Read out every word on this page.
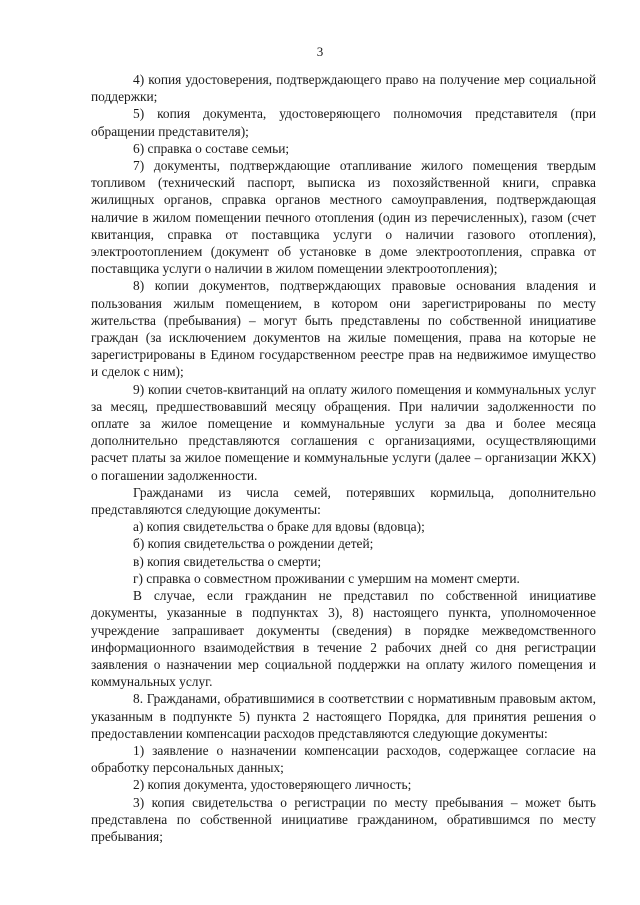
3

4) копия удостоверения, подтверждающего право на получение мер социальной поддержки;

5) копия документа, удостоверяющего полномочия представителя (при обращении представителя);

6) справка о составе семьи;

7) документы, подтверждающие отапливание жилого помещения твердым топливом (технический паспорт, выписка из похозяйственной книги, справка жилищных органов, справка органов местного самоуправления, подтверждающая наличие в жилом помещении печного отопления (один из перечисленных), газом (счет квитанция, справка от поставщика услуги о наличии газового отопления), электроотоплением (документ об установке в доме электроотопления, справка от поставщика услуги о наличии в жилом помещении электроотопления);

8) копии документов, подтверждающих правовые основания владения и пользования жилым помещением, в котором они зарегистрированы по месту жительства (пребывания) – могут быть представлены по собственной инициативе граждан (за исключением документов на жилые помещения, права на которые не зарегистрированы в Едином государственном реестре прав на недвижимое имущество и сделок с ним);

9) копии счетов-квитанций на оплату жилого помещения и коммунальных услуг за месяц, предшествовавший месяцу обращения. При наличии задолженности по оплате за жилое помещение и коммунальные услуги за два и более месяца дополнительно представляются соглашения с организациями, осуществляющими расчет платы за жилое помещение и коммунальные услуги (далее – организации ЖКХ) о погашении задолженности.

Гражданами из числа семей, потерявших кормильца, дополнительно представляются следующие документы:

а) копия свидетельства о браке для вдовы (вдовца);

б) копия свидетельства о рождении детей;

в) копия свидетельства о смерти;

г) справка о совместном проживании с умершим на момент смерти.

В случае, если гражданин не представил по собственной инициативе документы, указанные в подпунктах 3), 8) настоящего пункта, уполномоченное учреждение запрашивает документы (сведения) в порядке межведомственного информационного взаимодействия в течение 2 рабочих дней со дня регистрации заявления о назначении мер социальной поддержки на оплату жилого помещения и коммунальных услуг.

8. Гражданами, обратившимися в соответствии с нормативным правовым актом, указанным в подпункте 5) пункта 2 настоящего Порядка, для принятия решения о предоставлении компенсации расходов представляются следующие документы:

1) заявление о назначении компенсации расходов, содержащее согласие на обработку персональных данных;

2) копия документа, удостоверяющего личность;

3) копия свидетельства о регистрации по месту пребывания – может быть представлена по собственной инициативе гражданином, обратившимся по месту пребывания;
